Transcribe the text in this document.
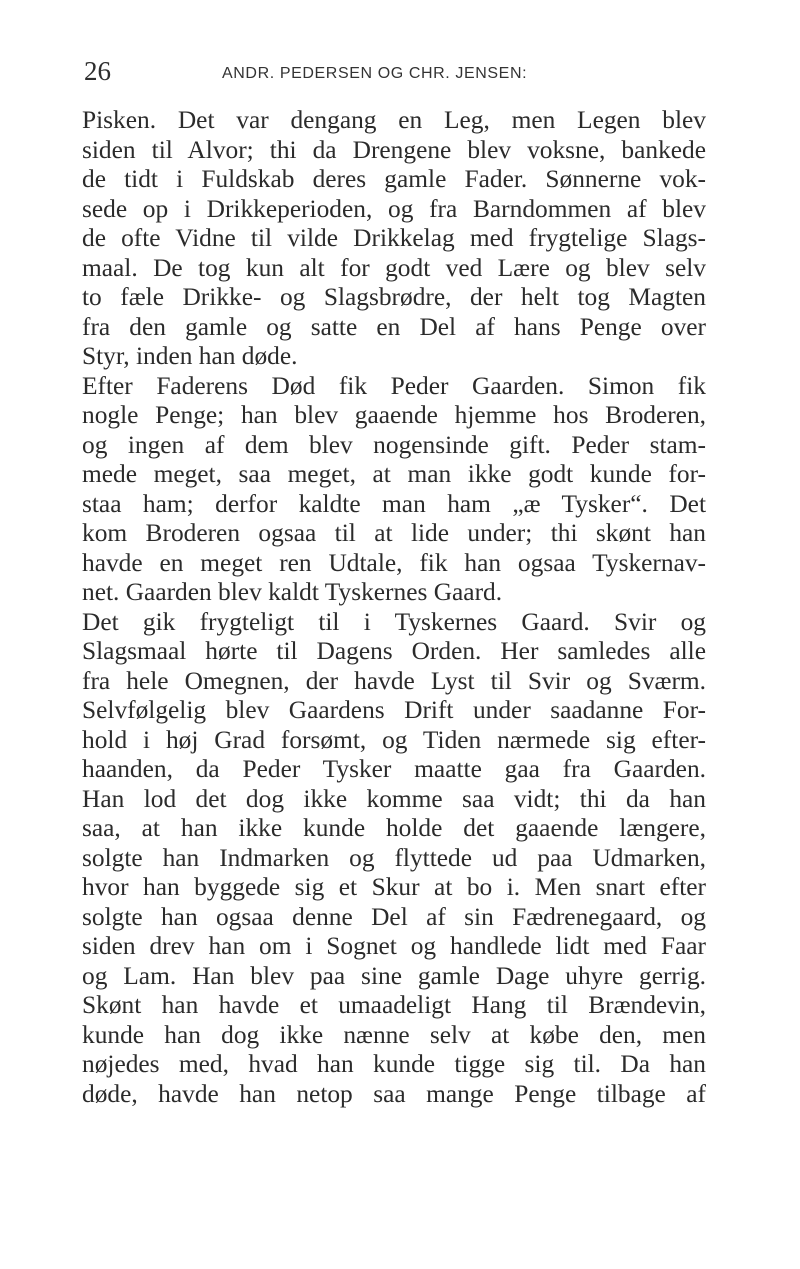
26	ANDR. PEDERSEN OG CHR. JENSEN:
Pisken. Det var dengang en Leg, men Legen blev
siden til Alvor; thi da Drengene blev voksne, bankede
de tidt i Fuldskab deres gamle Fader. Sønnerne vok-
sede op i Drikkeperioden, og fra Barndommen af blev
de ofte Vidne til vilde Drikkelag med frygtelige Slags-
maal. De tog kun alt for godt ved Lære og blev selv
to fæle Drikke- og Slagsbrødre, der helt tog Magten
fra den gamle og satte en Del af hans Penge over
Styr, inden han døde.
Efter Faderens Død fik Peder Gaarden. Simon fik
nogle Penge; han blev gaaende hjemme hos Broderen,
og ingen af dem blev nogensinde gift. Peder stam-
mede meget, saa meget, at man ikke godt kunde for-
staa ham; derfor kaldte man ham „æ Tysker“. Det
kom Broderen ogsaa til at lide under; thi skønt han
havde en meget ren Udtale, fik han ogsaa Tyskernav-
net. Gaarden blev kaldt Tyskernes Gaard.
Det gik frygteligt til i Tyskernes Gaard. Svir og
Slagsmaal hørte til Dagens Orden. Her samledes alle
fra hele Omegnen, der havde Lyst til Svir og Sværm.
Selvfølgelig blev Gaardens Drift under saadanne For-
hold i høj Grad forsømt, og Tiden nærmede sig efter-
haanden, da Peder Tysker maatte gaa fra Gaarden.
Han lod det dog ikke komme saa vidt; thi da han
saa, at han ikke kunde holde det gaaende længere,
solgte han Indmarken og flyttede ud paa Udmarken,
hvor han byggede sig et Skur at bo i. Men snart efter
solgte han ogsaa denne Del af sin Fædrenegaard, og
siden drev han om i Sognet og handlede lidt med Faar
og Lam. Han blev paa sine gamle Dage uhyre gerrig.
Skønt han havde et umaadeligt Hang til Brændevin,
kunde han dog ikke nænne selv at købe den, men
nøjedes med, hvad han kunde tigge sig til. Da han
døde, havde han netop saa mange Penge tilbage af
